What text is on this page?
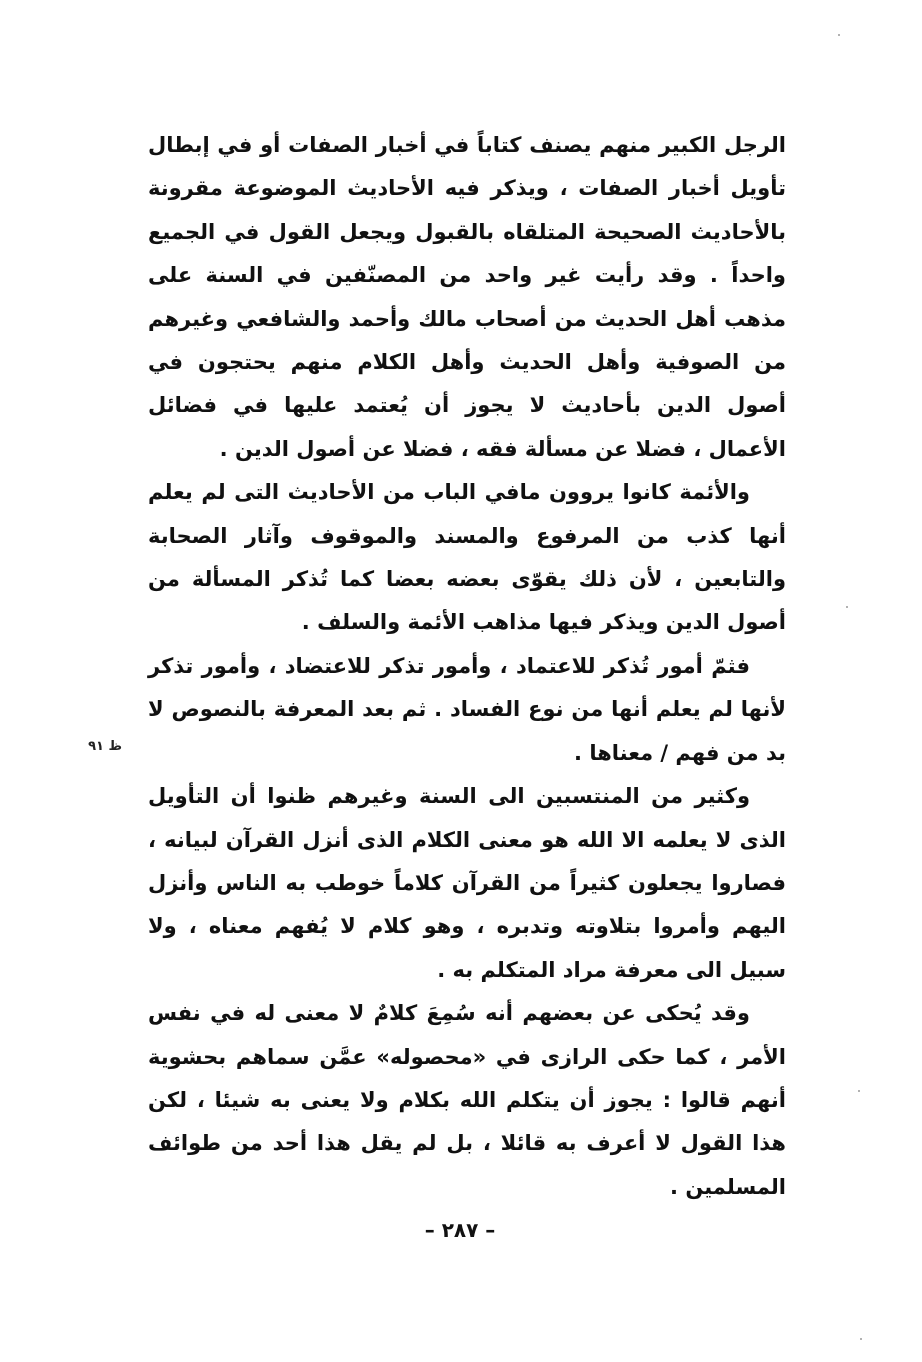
الرجل الكبير منهم يصنف كتاباً في أخبار الصفات أو في إبطال تأويل أخبار الصفات ، ويذكر فيه الأحاديث الموضوعة مقرونة بالأحاديث الصحيحة المتلقاه بالقبول ويجعل القول في الجميع واحداً . وقد رأيت غير واحد من المصنّفين في السنة على مذهب أهل الحديث من أصحاب مالك وأحمد والشافعي وغيرهم من الصوفية وأهل الحديث وأهل الكلام منهم يحتجون في أصول الدين بأحاديث لا يجوز أن يُعتمد عليها في فضائل الأعمال ، فضلا عن مسألة فقه ، فضلا عن أصول الدين .

والأئمة كانوا يروون مافي الباب من الأحاديث التى لم يعلم أنها كذب من المرفوع والمسند والموقوف وآثار الصحابة والتابعين ، لأن ذلك يقوّى بعضه بعضا كما تُذكر المسألة من أصول الدين ويذكر فيها مذاهب الأئمة والسلف .

فثمّ أمور تُذكر للاعتماد ، وأمور تذكر للاعتضاد ، وأمور تذكر لأنها لم يعلم أنها من نوع الفساد . ثم بعد المعرفة بالنصوص لا بد من فهم / معناها .

وكثير من المنتسبين الى السنة وغيرهم ظنوا أن التأويل الذى لا يعلمه الا الله هو معنى الكلام الذى أنزل القرآن لبيانه ، فصاروا يجعلون كثيراً من القرآن كلاماً خوطب به الناس وأنزل اليهم وأمروا بتلاوته وتدبره ، وهو كلام لا يُفهم معناه ، ولا سبيل الى معرفة مراد المتكلم به .

وقد يُحكى عن بعضهم أنه سُمِعَ كلامٌ لا معنى له في نفس الأمر ، كما حكى الرازى في «محصوله» عمَّن سماهم بحشوية أنهم قالوا : يجوز أن يتكلم الله بكلام ولا يعنى به شيئا ، لكن هذا القول لا أعرف به قائلا ، بل لم يقل هذا أحد من طوائف المسلمين .

ظ ٩١
– ٢٨٧ –
